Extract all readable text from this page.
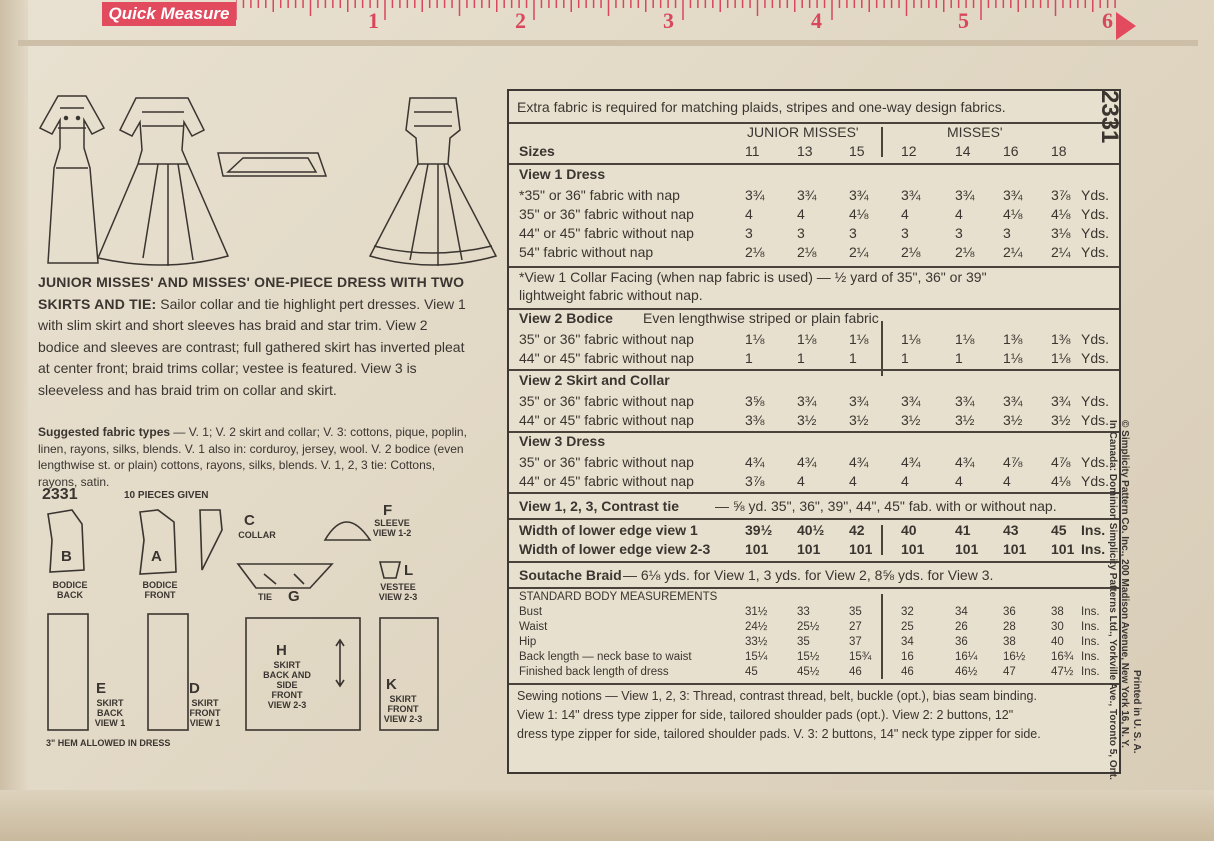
Quick Measure	1	2	3	4	5	6
JUNIOR MISSES' AND MISSES' ONE-PIECE DRESS WITH TWO SKIRTS AND TIE: Sailor collar and tie highlight pert dresses. View 1 with slim skirt and short sleeves has braid and star trim. View 2 bodice and sleeves are contrast; full gathered skirt has inverted pleat at center front; braid trims collar; vestee is featured. View 3 is sleeveless and has braid trim on collar and skirt.
Suggested fabric types — V. 1; V. 2 skirt and collar; V. 3: cottons, pique, poplin, linen, rayons, silks, blends. V. 1 also in: corduroy, jersey, wool. V. 2 bodice (even lengthwise st. or plain) cottons, rayons, silks, blends. V. 1, 2, 3 tie: Cottons, rayons, satin.
2331	10 PIECES GIVEN
B
BODICE BACK
A
BODICE FRONT
C
COLLAR
F
SLEEVE VIEW 1-2
G
TIE
L
VESTEE VIEW 2-3
E
SKIRT BACK VIEW 1
D
SKIRT FRONT VIEW 1
H
SKIRT BACK AND SIDE FRONT VIEW 2-3
K
SKIRT FRONT VIEW 2-3
3" HEM ALLOWED IN DRESS
Extra fabric is required for matching plaids, stripes and one-way design fabrics.
JUNIOR MISSES'	MISSES'
Sizes	11	13	15	12	14 16 18
View 1 Dress
*35" or 36" fabric with nap	3¾ 3¾ 3¾ 3¾ 3¾ 3¾ 3⅞ Yds.
35" or 36" fabric without nap	4	4	4⅛ 4	4	4⅛ 4⅛ Yds.
44" or 45" fabric without nap	3	3	3	3	3	3	3⅛ Yds.
54" fabric without nap	2⅛ 2⅛ 2¼ 2⅛ 2⅛ 2¼ 2¼ Yds.
*View 1 Collar Facing (when nap fabric is used) — ½ yard of 35", 36" or 39"
lightweight fabric without nap.
View 2 Bodice Even lengthwise striped or plain fabric
35" or 36" fabric without nap	1⅛ 1⅛ 1⅛ 1⅛ 1⅛ 1⅜ 1⅜ Yds.
44" or 45" fabric without nap	1	1	1	1	1	1⅛ 1⅛ Yds.
View 2 Skirt and Collar
35" or 36" fabric without nap	3⅝ 3¾ 3¾ 3¾ 3¾ 3¾ 3¾ Yds.
44" or 45" fabric without nap	3⅜ 3½ 3½ 3½ 3½ 3½ 3½ Yds.
View 3 Dress
35" or 36" fabric without nap	4¾ 4¾ 4¾ 4¾ 4¾ 4⅞ 4⅞ Yds.
44" or 45" fabric without nap	3⅞ 4	4	4	4	4	4⅛ Yds.
View 1, 2, 3, Contrast tie	— ⅝ yd. 35", 36", 39", 44", 45" fab. with or without nap.
Width of lower edge view 1	39½ 40½ 42	40	41 43 45 Ins.
Width of lower edge view 2-3 101 101 101 101 101 101 101 Ins.
Soutache Braid — 6⅛ yds. for View 1, 3 yds. for View 2, 8⅝ yds. for View 3.
STANDARD BODY MEASUREMENTS
Bust	31½	33	35	32	34	36	38 Ins.
Waist	24½	25½	27	25	26	28	30 Ins.
Hip	33½	35	37	34	36	38	40 Ins.
Back length — neck base to waist	15¼	15½	15¾	16	16¼ 16½ 16¾ Ins.
Finished back length of dress	45	45½	46	46	46½ 47	47½ Ins.
Sewing notions — View 1, 2, 3: Thread, contrast thread, belt, buckle (opt.), bias seam binding.
View 1: 14" dress type zipper for side, tailored shoulder pads (opt.). View 2: 2 buttons, 12"
dress type zipper for side, tailored shoulder pads. V. 3: 2 buttons, 14" neck type zipper for side.
2331
© Simplicity Pattern Co. Inc., 200 Madison Avenue, New York 16, N. Y.
In Canada: Dominion Simplicity Patterns Ltd., Yorkville Ave., Toronto 5, Ont. Printed in U. S. A.
